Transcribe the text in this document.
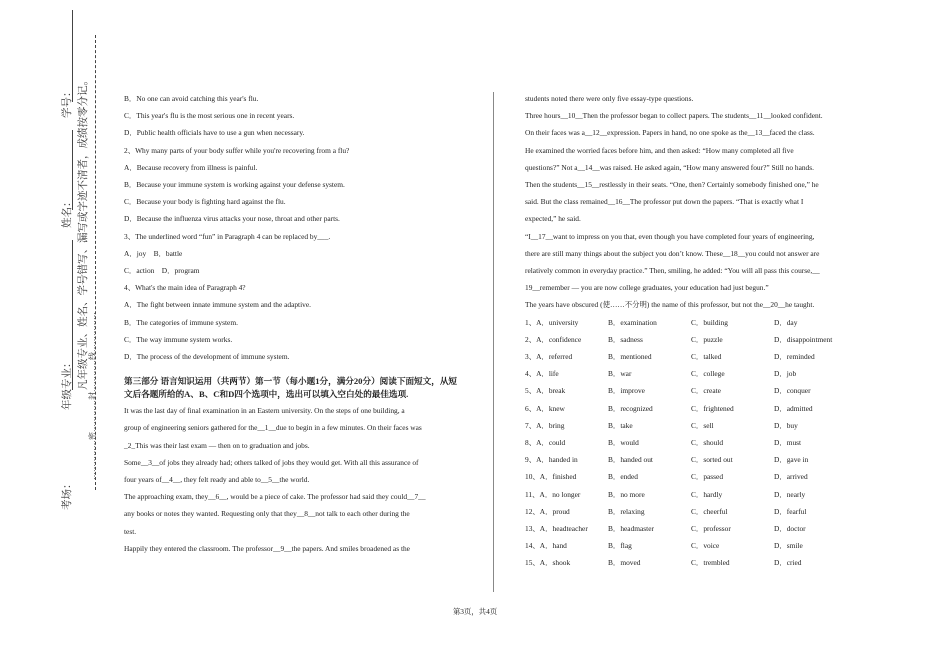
学号：
姓名：
考场：
年级专业： 凡年级专业、姓名、学号错写、漏写或字迹不清者，成绩按零分记。
……………密…………封…………线……………

B．No one can avoid catching this year's flu.

C．This year's flu is the most serious one in recent years.

D．Public health officials have to use a gun when necessary.

2、Why many parts of your body suffer while you're recovering from a flu?

A．Because recovery from illness is painful.

B．Because your immune system is working against your defense system.

C．Because your body is fighting hard against the flu.

D．Because the influenza virus attacks your nose, throat and other parts.

3、The underlined word “fun” in Paragraph 4 can be replaced by___.

A．joy　B．battle

C．action　D．program

4、What's the main idea of Paragraph 4?

A．The fight between innate immune system and the adaptive.

B．The categories of immune system.

C．The way immune system works.

D．The process of the development of immune system.

第三部分 语言知识运用（共两节）第一节（每小题1分，满分20分）阅读下面短文，从短文后各题所给的A、B、C和D四个选项中，选出可以填入空白处的最佳选项.

It was the last day of final examination in an Eastern university. On the steps of one building, a

group of engineering seniors gathered for the__1__due to begin in a few minutes. On their faces was

_2_This was their last exam — then on to graduation and jobs.

Some__3__of jobs they already had; others talked of jobs they would get. With all this assurance of

four years of__4__, they felt ready and able to__5__the world.

The approaching exam, they__6__, would be a piece of cake. The professor had said they could__7__

any books or notes they wanted. Requesting only that they__8__not talk to each other during the

test.

Happily they entered the classroom. The professor__9__the papers. And smiles broadened as the

students noted there were only five essay-type questions.

Three hours__10__Then the professor began to collect papers. The students__11__looked confident.

On their faces was a__12__expression. Papers in hand, no one spoke as the__13__faced the class.

He examined the worried faces before him, and then asked: “How many completed all five

questions?” Not a__14__was raised. He asked again, “How many answered four?” Still no hands.

Then the students__15__restlessly in their seats. “One, then? Certainly somebody finished one,” he

said. But the class remained__16__The professor put down the papers. “That is exactly what I

expected,” he said.

“I__17__want to impress on you that, even though you have completed four years of engineering,

there are still many things about the subject you don’t know. These__18__you could not answer are

relatively common in everyday practice.” Then, smiling, he added: “You will all pass this course,__

19__remember — you are now college graduates, your education had just begun.”

The years have obscured (使……不分明) the name of this professor, but not the__20__he taught.

1、A．university	B．examination	C．building	D．day
2、A．confidence	B．sadness	C．puzzle	D．disappointment
3、A．referred	B．mentioned	C．talked	D．reminded
4、A．life	B．war	C．college	D．job
5、A．break	B．improve	C．create	D．conquer
6、A．knew	B．recognized	C．frightened	D．admitted
7、A．bring	B．take	C．sell	D．buy
8、A．could	B．would	C．should	D．must
9、A．handed in	B．handed out	C．sorted out	D．gave in
10、A．finished	B．ended	C．passed	D．arrived
11、A．no longer	B．no more	C．hardly	D．nearly
12、A．proud	B．relaxing	C．cheerful	D．fearful
13、A．headteacher	B．headmaster	C．professor	D．doctor
14、A．hand	B．flag	C．voice	D．smile
15、A．shook	B．moved	C．trembled	D．cried
第3页，共4页
